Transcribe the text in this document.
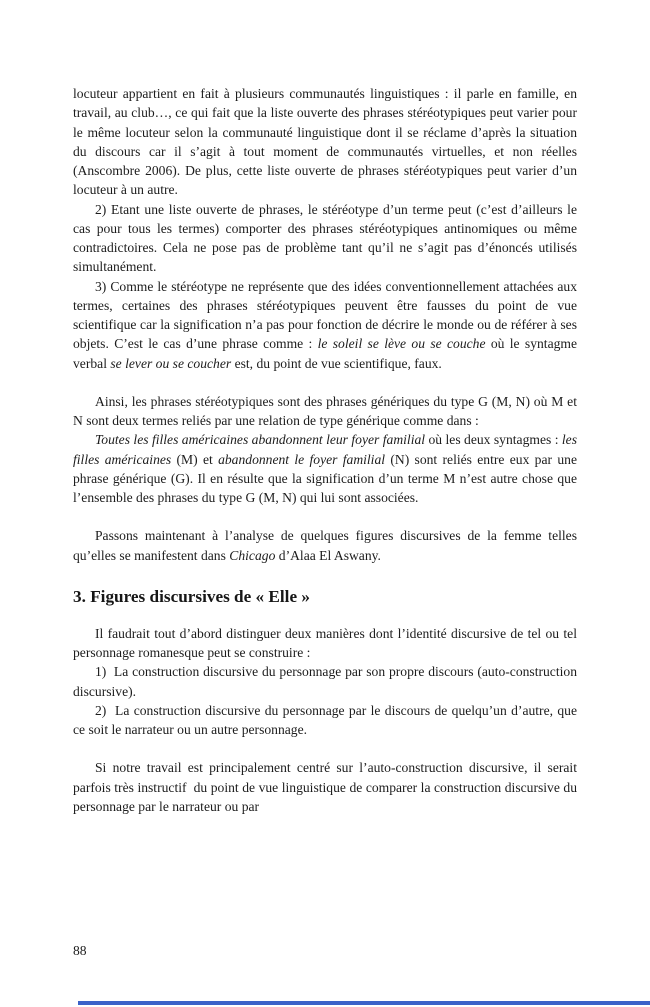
locuteur appartient en fait à plusieurs communautés linguistiques : il parle en famille, en travail, au club…, ce qui fait que la liste ouverte des phrases stéréotypiques peut varier pour le même locuteur selon la communauté linguistique dont il se réclame d’après la situation du discours car il s’agit à tout moment de communautés virtuelles, et non réelles (Anscombre 2006). De plus, cette liste ouverte de phrases stéréotypiques peut varier d’un locuteur à un autre.

2) Etant une liste ouverte de phrases, le stéréotype d’un terme peut (c’est d’ailleurs le cas pour tous les termes) comporter des phrases stéréotypiques antinomiques ou même contradictoires. Cela ne pose pas de problème tant qu’il ne s’agit pas d’énoncés utilisés simultanément.

3) Comme le stéréotype ne représente que des idées conventionnellement attachées aux termes, certaines des phrases stéréotypiques peuvent être fausses du point de vue scientifique car la signification n’a pas pour fonction de décrire le monde ou de référer à ses objets. C’est le cas d’une phrase comme : le soleil se lève ou se couche où le syntagme verbal se lever ou se coucher est, du point de vue scientifique, faux.

Ainsi, les phrases stéréotypiques sont des phrases génériques du type G (M, N) où M et N sont deux termes reliés par une relation de type générique comme dans :

Toutes les filles américaines abandonnent leur foyer familial où les deux syntagmes : les filles américaines (M) et abandonnent le foyer familial (N) sont reliés entre eux par une phrase générique (G). Il en résulte que la signification d’un terme M n’est autre chose que l’ensemble des phrases du type G (M, N) qui lui sont associées.

Passons maintenant à l’analyse de quelques figures discursives de la femme telles qu’elles se manifestent dans Chicago d’Alaa El Aswany.

3. Figures discursives de « Elle »

Il faudrait tout d’abord distinguer deux manières dont l’identité discursive de tel ou tel personnage romanesque peut se construire :

1)  La construction discursive du personnage par son propre discours (auto-construction discursive).

2)  La construction discursive du personnage par le discours de quelqu’un d’autre, que ce soit le narrateur ou un autre personnage.

Si notre travail est principalement centré sur l’auto-construction discursive, il serait parfois très instructif  du point de vue linguistique de comparer la construction discursive du personnage par le narrateur ou par

88
